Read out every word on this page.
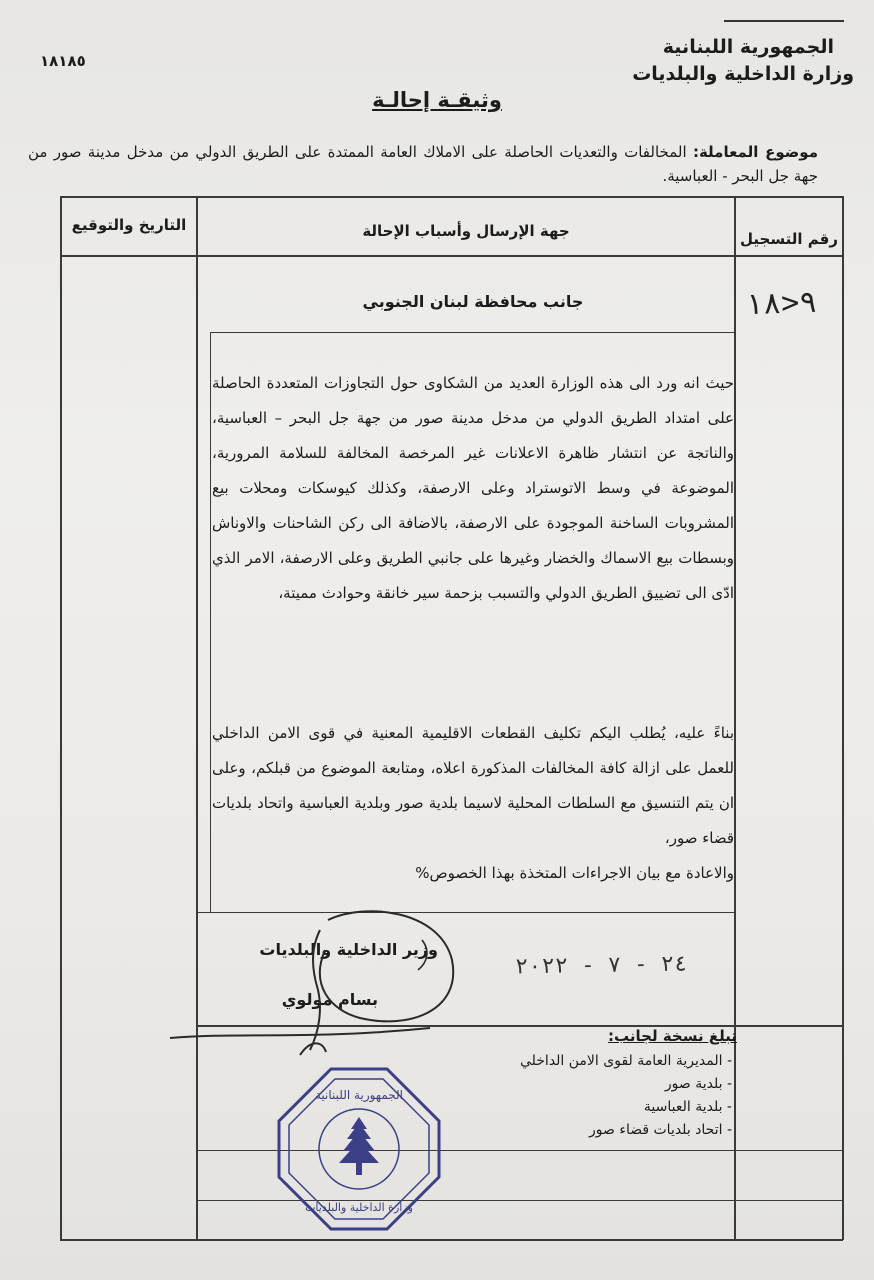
الجمهورية اللبنانية
وزارة الداخلية والبلديات
١٨١٨٥
وثيقـة إحالـة
موضوع المعاملة: المخالفات والتعديات الحاصلة على الاملاك العامة الممتدة على الطريق الدولي من مدخل مدينة صور من جهة جل البحر - العباسية.
رقم التسجيل
جهة الإرسال وأسباب الإحالة
التاريخ والتوقيع
٩<١٨
جانب محافظة لبنان الجنوبي
حيث انه ورد الى هذه الوزارة العديد من الشكاوى حول التجاوزات المتعددة الحاصلة على امتداد الطريق الدولي من مدخل مدينة صور من جهة جل البحر – العباسية، والناتجة عن انتشار ظاهرة الاعلانات غير المرخصة المخالفة للسلامة المرورية، الموضوعة في وسط الاتوستراد وعلى الارصفة، وكذلك كيوسكات ومحلات بيع المشروبات الساخنة الموجودة على الارصفة، بالاضافة الى ركن الشاحنات والاوناش وبسطات بيع الاسماك والخضار وغيرها على جانبي الطريق وعلى الارصفة، الامر الذي ادّى الى تضييق الطريق الدولي والتسبب بزحمة سير خانقة وحوادث مميتة،
بناءً عليه، يُطلب اليكم تكليف القطعات الاقليمية المعنية في قوى الامن الداخلي للعمل على ازالة كافة المخالفات المذكورة اعلاه، ومتابعة الموضوع من قبلكم، وعلى ان يتم التنسيق مع السلطات المحلية لاسيما بلدية صور وبلدية العباسية واتحاد بلديات قضاء صور،
والاعادة مع بيان الاجراءات المتخذة بهذا الخصوص%
وزير الداخلية والبلديات
بسام مولوي
٢٤ - ٧ - ٢٠٢٢
تبلغ نسخة لجانب:
- المديرية العامة لقوى الامن الداخلي
- بلدية صور
- بلدية العباسية
- اتحاد بلديات قضاء صور
الجمهورية اللبنانية
وزارة الداخلية والبلديات
